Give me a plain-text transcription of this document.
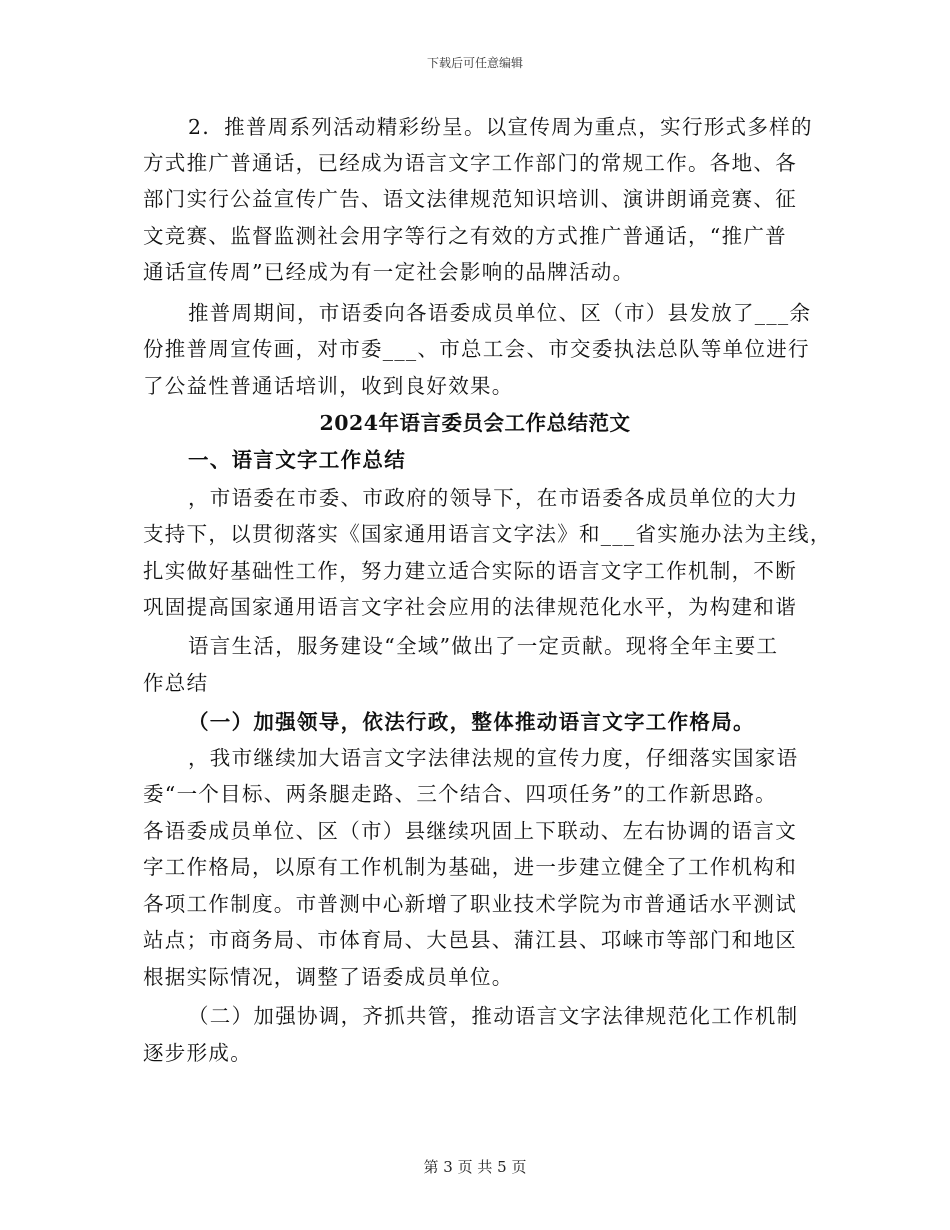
下载后可任意编辑

2．推普周系列活动精彩纷呈。以宣传周为重点，实行形式多样的

方式推广普通话，已经成为语言文字工作部门的常规工作。各地、各

部门实行公益宣传广告、语文法律规范知识培训、演讲朗诵竞赛、征

文竞赛、监督监测社会用字等行之有效的方式推广普通话，“推广普

通话宣传周”已经成为有一定社会影响的品牌活动。

推普周期间，市语委向各语委成员单位、区（市）县发放了___余

份推普周宣传画，对市委___、市总工会、市交委执法总队等单位进行

了公益性普通话培训，收到良好效果。

2024年语言委员会工作总结范文

一、语言文字工作总结

，市语委在市委、市政府的领导下，在市语委各成员单位的大力

支持下，以贯彻落实《国家通用语言文字法》和___省实施办法为主线，

扎实做好基础性工作，努力建立适合实际的语言文字工作机制，不断

巩固提高国家通用语言文字社会应用的法律规范化水平，为构建和谐

语言生活，服务建设“全域”做出了一定贡献。现将全年主要工

作总结

（一）加强领导，依法行政，整体推动语言文字工作格局。

，我市继续加大语言文字法律法规的宣传力度，仔细落实国家语

委“一个目标、两条腿走路、三个结合、四项任务”的工作新思路。

各语委成员单位、区（市）县继续巩固上下联动、左右协调的语言文

字工作格局，以原有工作机制为基础，进一步建立健全了工作机构和

各项工作制度。市普测中心新增了职业技术学院为市普通话水平测试

站点；市商务局、市体育局、大邑县、蒲江县、邛崃市等部门和地区

根据实际情况，调整了语委成员单位。

（二）加强协调，齐抓共管，推动语言文字法律规范化工作机制

逐步形成。

第 3 页 共 5 页
